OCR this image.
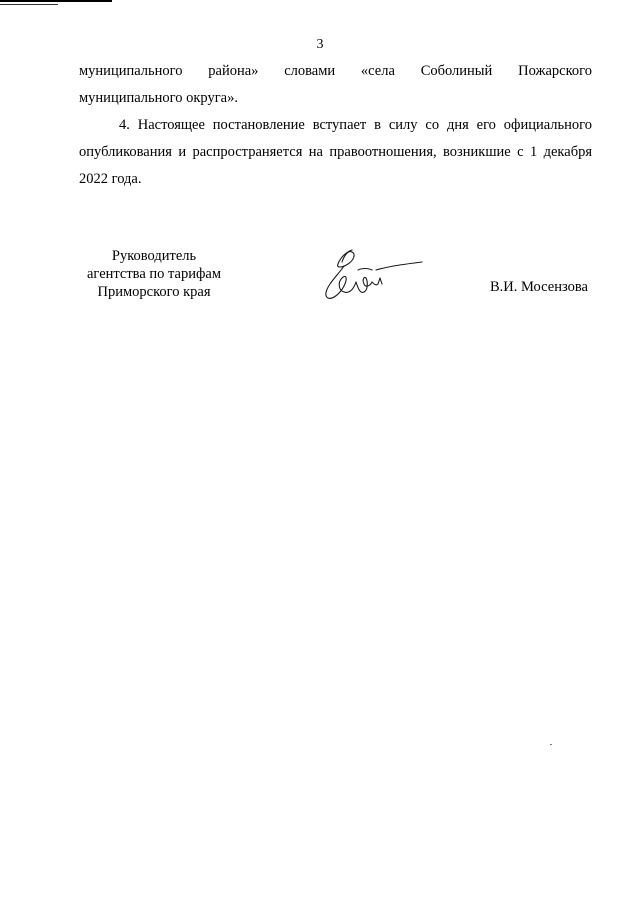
3
муниципального района» словами «села Соболиный Пожарского
муниципального округа».
4. Настоящее постановление вступает в силу со дня его официального
опубликования и распространяется на правоотношения, возникшие с 1 декабря
2022 года.
Руководитель
агентства по тарифам
Приморского края	В.И. Мосензова
